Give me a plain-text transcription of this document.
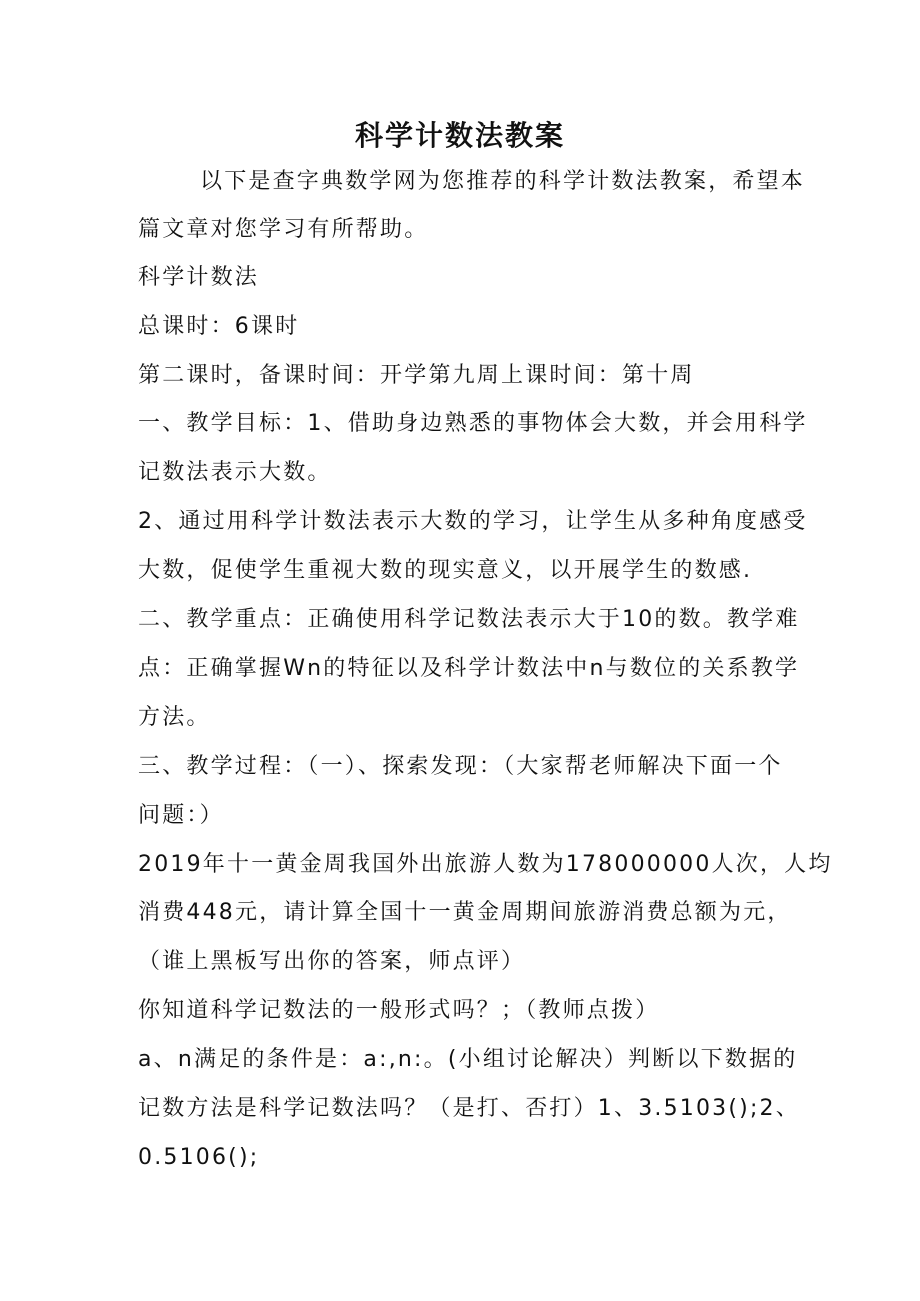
科学计数法教案
以下是查字典数学网为您推荐的科学计数法教案，希望本
篇文章对您学习有所帮助。
科学计数法
总课时：6课时
第二课时，备课时间：开学第九周上课时间：第十周
一、教学目标：1、借助身边熟悉的事物体会大数，并会用科学
记数法表示大数。
2、通过用科学计数法表示大数的学习，让学生从多种角度感受
大数，促使学生重视大数的现实意义，以开展学生的数感.
二、教学重点：正确使用科学记数法表示大于10的数。教学难
点：正确掌握Wn的特征以及科学计数法中n与数位的关系教学
方法。
三、教学过程：（一）、探索发现：（大家帮老师解决下面一个
问题：）
2019年十一黄金周我国外出旅游人数为178000000人次，人均
消费448元，请计算全国十一黄金周期间旅游消费总额为元，
（谁上黑板写出你的答案，师点评）
你知道科学记数法的一般形式吗？；（教师点拨）
a、n满足的条件是：a:,n:。(小组讨论解决）判断以下数据的
记数方法是科学记数法吗？（是打、否打）1、3.5103();2、
0.5106();
